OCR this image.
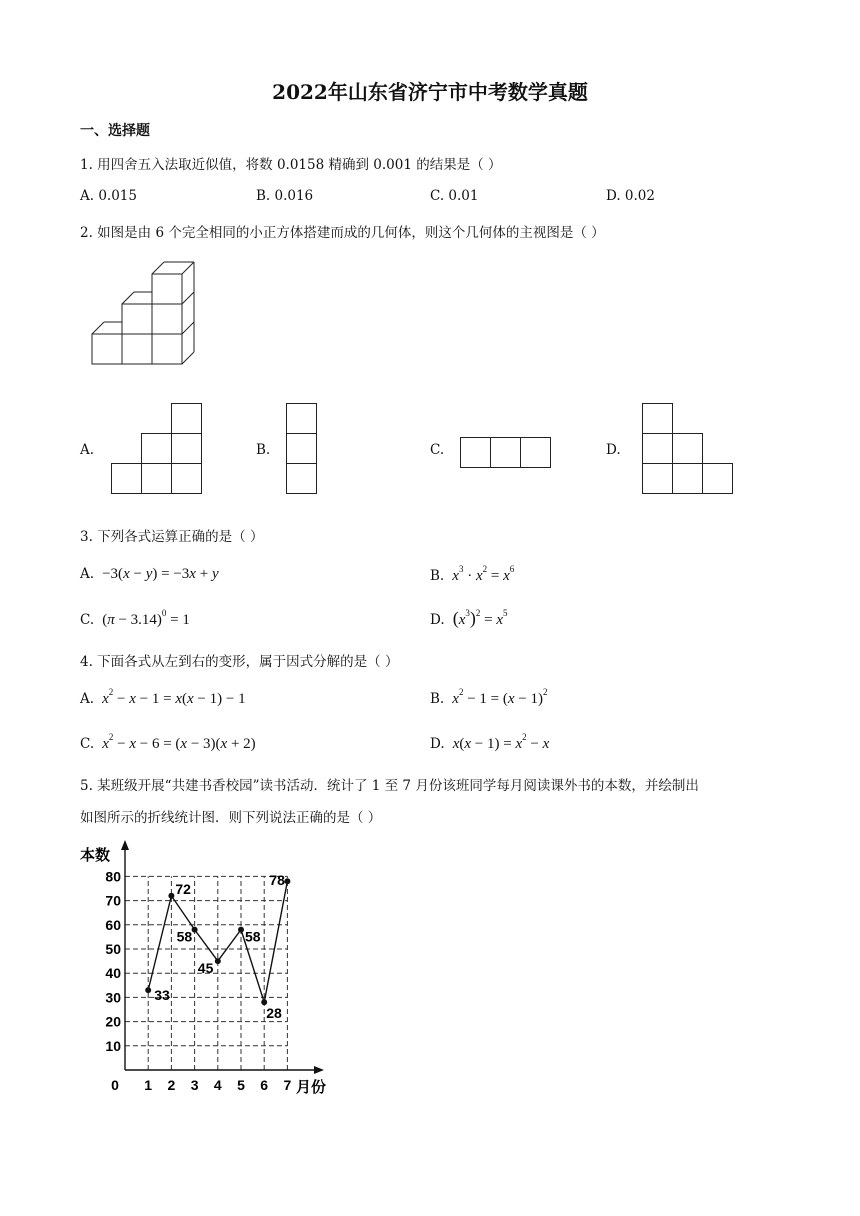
2022年山东省济宁市中考数学真题
一、选择题
1. 用四舍五入法取近似值，将数 0.0158 精确到 0.001 的结果是（ ）
A. 0.015	B. 0.016	C. 0.01	D. 0.02
2. 如图是由 6 个完全相同的小正方体搭建而成的几何体，则这个几何体的主视图是（ ）
A.	B.	C.	D.
3. 下列各式运算正确的是（ ）
A. −3(x − y) = −3x + y	B.  $x^3 \cdot x^2 = x^6$
C. $(\pi - 3.14)^0 = 1$	D. $(x^3)^2 = x^5$
4. 下面各式从左到右的变形，属于因式分解的是（ ）
A.  $x^2 - x - 1 = x(x - 1) - 1$	B.  $x^2 - 1 = (x - 1)^2$
C.  $x^2 - x - 6 = (x - 3)(x + 2)$	D.  $x(x - 1) = x^2 - x$
5. 某班级开展“共建书香校园”读书活动．统计了 1 至 7 月份该班同学每月阅读课外书的本数，并绘制出
如图所示的折线统计图．则下列说法正确的是（ ）
10
20
30
40
50
60
70
80
0 1 2 3 4 5 6 7
33
72
58
45
58
28
78
本数
月份
